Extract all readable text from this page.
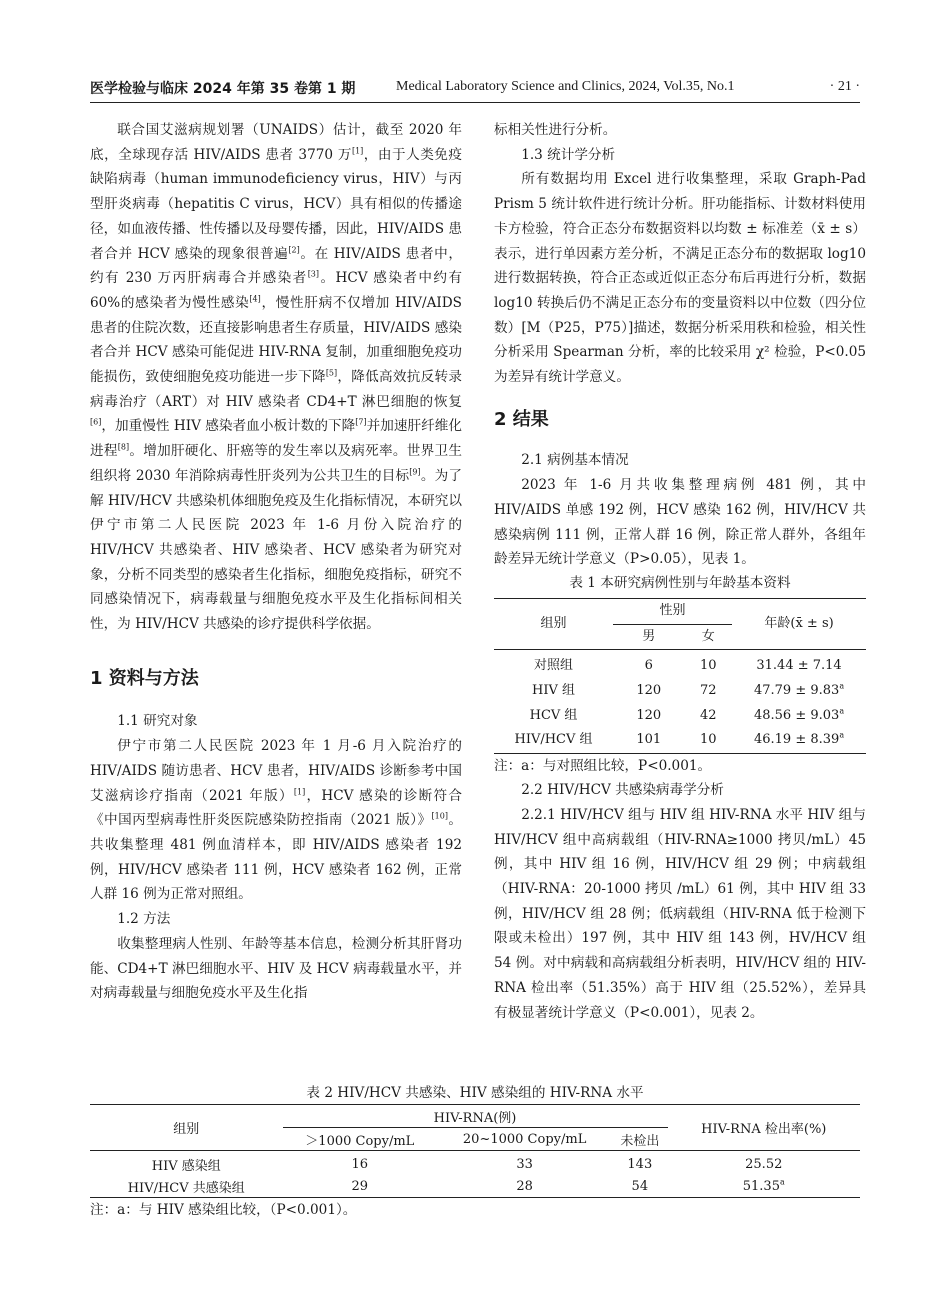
医学检验与临床 2024 年第 35 卷第 1 期	Medical Laboratory Science and Clinics, 2024, Vol.35, No.1	· 21 ·

联合国艾滋病规划署（UNAIDS）估计，截至 2020 年底，全球现存活 HIV/AIDS 患者 3770 万[1]，由于人类免疫缺陷病毒（human immunodeficiency virus，HIV）与丙型肝炎病毒（hepatitis C virus，HCV）具有相似的传播途径，如血液传播、性传播以及母婴传播，因此，HIV/AIDS 患者合并 HCV 感染的现象很普遍[2]。在 HIV/AIDS 患者中，约有 230 万丙肝病毒合并感染者[3]。HCV 感染者中约有 60%的感染者为慢性感染[4]，慢性肝病不仅增加 HIV/AIDS 患者的住院次数，还直接影响患者生存质量，HIV/AIDS 感染者合并 HCV 感染可能促进 HIV-RNA 复制，加重细胞免疫功能损伤，致使细胞免疫功能进一步下降[5]，降低高效抗反转录病毒治疗（ART）对 HIV 感染者 CD4+T 淋巴细胞的恢复[6]，加重慢性 HIV 感染者血小板计数的下降[7]并加速肝纤维化进程[8]。增加肝硬化、肝癌等的发生率以及病死率。世界卫生组织将 2030 年消除病毒性肝炎列为公共卫生的目标[9]。为了解 HIV/HCV 共感染机体细胞免疫及生化指标情况，本研究以伊宁市第二人民医院 2023 年 1-6 月份入院治疗的 HIV/HCV 共感染者、HIV 感染者、HCV 感染者为研究对象，分析不同类型的感染者生化指标，细胞免疫指标，研究不同感染情况下，病毒载量与细胞免疫水平及生化指标间相关性，为 HIV/HCV 共感染的诊疗提供科学依据。

1 资料与方法

1.1 研究对象

伊宁市第二人民医院 2023 年 1 月-6 月入院治疗的 HIV/AIDS 随访患者、HCV 患者，HIV/AIDS 诊断参考中国艾滋病诊疗指南（2021 年版）[1]，HCV 感染的诊断符合《中国丙型病毒性肝炎医院感染防控指南（2021 版）》[10]。共收集整理 481 例血清样本，即 HIV/AIDS 感染者 192 例，HIV/HCV 感染者 111 例，HCV 感染者 162 例，正常人群 16 例为正常对照组。

1.2 方法

收集整理病人性别、年龄等基本信息，检测分析其肝肾功能、CD4+T 淋巴细胞水平、HIV 及 HCV 病毒载量水平，并对病毒载量与细胞免疫水平及生化指

标相关性进行分析。

1.3 统计学分析

所有数据均用 Excel 进行收集整理，采取 Graph-Pad Prism 5 统计软件进行统计分析。肝功能指标、计数材料使用卡方检验，符合正态分布数据资料以均数 ± 标准差（x̄ ± s）表示，进行单因素方差分析，不满足正态分布的数据取 log10 进行数据转换，符合正态或近似正态分布后再进行分析，数据 log10 转换后仍不满足正态分布的变量资料以中位数（四分位数）[M（P25，P75）]描述，数据分析采用秩和检验，相关性分析采用 Spearman 分析，率的比较采用 χ² 检验，P<0.05 为差异有统计学意义。

2 结果

2.1 病例基本情况

2023 年 1-6 月共收集整理病例 481 例，其中 HIV/AIDS 单感 192 例，HCV 感染 162 例，HIV/HCV 共感染病例 111 例，正常人群 16 例，除正常人群外，各组年龄差异无统计学意义（P>0.05），见表 1。

表 1 本研究病例性别与年龄基本资料
组别	性别		年龄(x̄ ± s)
	男	女	

对照组	6	10	31.44 ± 7.14
HIV 组	120	72	47.79 ± 9.83$^a$
HCV 组	120	42	48.56 ± 9.03$^a$
HIV/HCV 组	101	10	46.19 ± 8.39$^a$
注：a：与对照组比较，P<0.001。

2.2 HIV/HCV 共感染病毒学分析

2.2.1 HIV/HCV 组与 HIV 组 HIV-RNA 水平 HIV 组与 HIV/HCV 组中高病载组（HIV-RNA≥1000 拷贝/mL）45 例，其中 HIV 组 16 例，HIV/HCV 组 29 例；中病载组（HIV-RNA：20-1000 拷贝 /mL）61 例，其中 HIV 组 33 例，HIV/HCV 组 28 例；低病载组（HIV-RNA 低于检测下限或未检出）197 例，其中 HIV 组 143 例，HV/HCV 组 54 例。对中病载和高病载组分析表明，HIV/HCV 组的 HIV-RNA 检出率（51.35%）高于 HIV 组（25.52%），差异具有极显著统计学意义（P<0.001），见表 2。

表 2 HIV/HCV 共感染、HIV 感染组的 HIV-RNA 水平
组别	HIV-RNA(例)			HIV-RNA 检出率(%)
	＞1000 Copy/mL	20~1000 Copy/mL	未检出	

HIV 感染组	16	33	143	25.52
HIV/HCV 共感染组	29	28	54	51.35$^a$
注：a：与 HIV 感染组比较，（P<0.001）。
